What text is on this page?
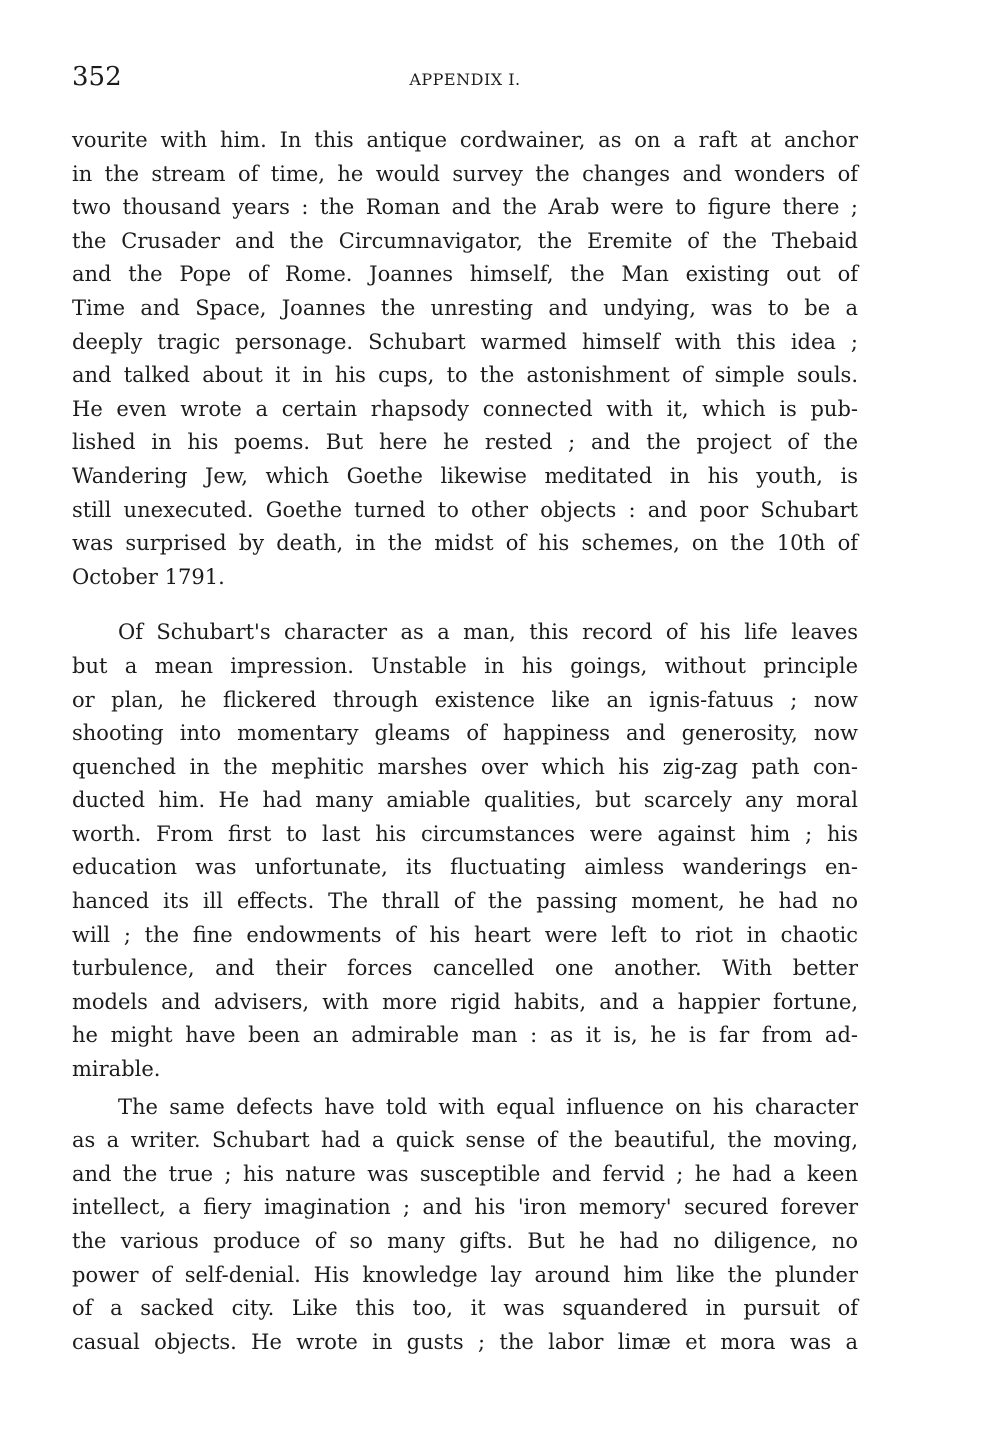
352	APPENDIX I.
vourite with him. In this antique cordwainer, as on a raft at anchor
in the stream of time, he would survey the changes and wonders of
two thousand years : the Roman and the Arab were to figure there ;
the Crusader and the Circumnavigator, the Eremite of the Thebaid
and the Pope of Rome. Joannes himself, the Man existing out of
Time and Space, Joannes the unresting and undying, was to be a
deeply tragic personage. Schubart warmed himself with this idea ;
and talked about it in his cups, to the astonishment of simple souls.
He even wrote a certain rhapsody connected with it, which is pub-
lished in his poems. But here he rested ; and the project of the
Wandering Jew, which Goethe likewise meditated in his youth, is
still unexecuted. Goethe turned to other objects : and poor Schubart
was surprised by death, in the midst of his schemes, on the 10th of
October 1791.
Of Schubart's character as a man, this record of his life leaves
but a mean impression. Unstable in his goings, without principle
or plan, he flickered through existence like an ignis-fatuus ; now
shooting into momentary gleams of happiness and generosity, now
quenched in the mephitic marshes over which his zig-zag path con-
ducted him. He had many amiable qualities, but scarcely any moral
worth. From first to last his circumstances were against him ; his
education was unfortunate, its fluctuating aimless wanderings en-
hanced its ill effects. The thrall of the passing moment, he had no
will ; the fine endowments of his heart were left to riot in chaotic
turbulence, and their forces cancelled one another. With better
models and advisers, with more rigid habits, and a happier fortune,
he might have been an admirable man : as it is, he is far from ad-
mirable.
The same defects have told with equal influence on his character
as a writer. Schubart had a quick sense of the beautiful, the moving,
and the true ; his nature was susceptible and fervid ; he had a keen
intellect, a fiery imagination ; and his 'iron memory' secured forever
the various produce of so many gifts. But he had no diligence, no
power of self-denial. His knowledge lay around him like the plunder
of a sacked city. Like this too, it was squandered in pursuit of
casual objects. He wrote in gusts ; the labor limæ et mora was a
